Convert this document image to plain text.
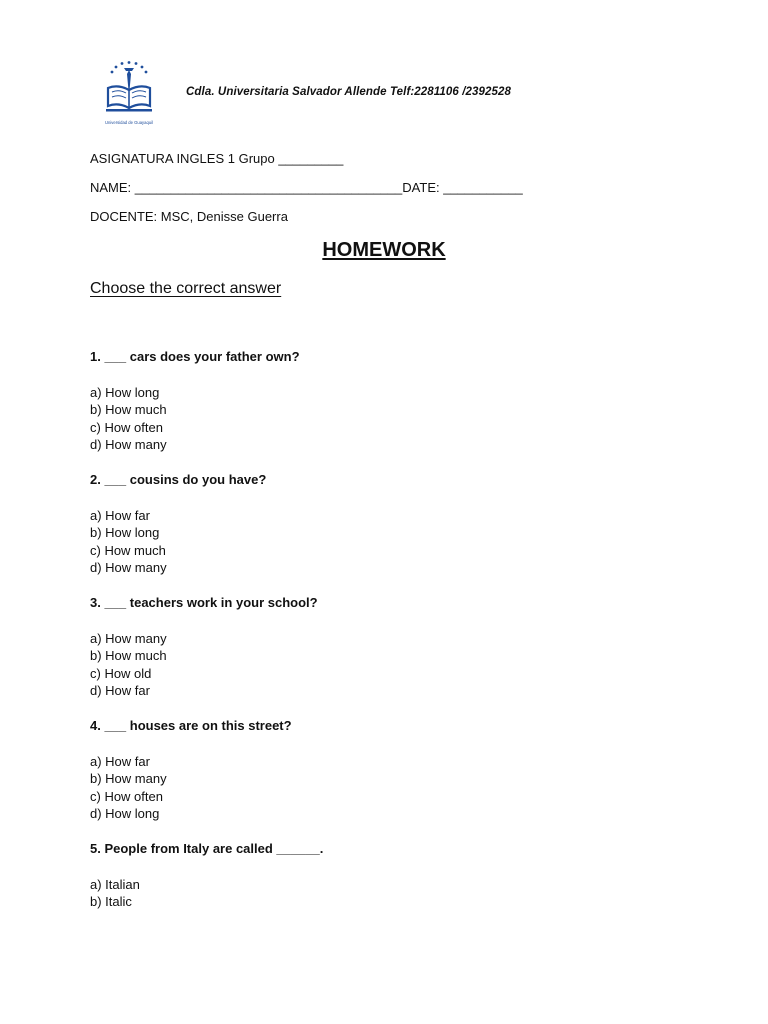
Universidad de Guayaquil
Cdla. Universitaria Salvador Allende Telf:2281106 /2392528
ASIGNATURA INGLES 1 Grupo _________
NAME: _____________________________________DATE: ___________
DOCENTE: MSC, Denisse Guerra
HOMEWORK
Choose the correct answer
1. ___ cars does your father own?
a) How long
b) How much
c) How often
d) How many
2. ___ cousins do you have?
a) How far
b) How long
c) How much
d) How many
3. ___ teachers work in your school?
a) How many
b) How much
c) How old
d) How far
4. ___ houses are on this street?
a) How far
b) How many
c) How often
d) How long
5. People from Italy are called ______.
a) Italian
b) Italic
